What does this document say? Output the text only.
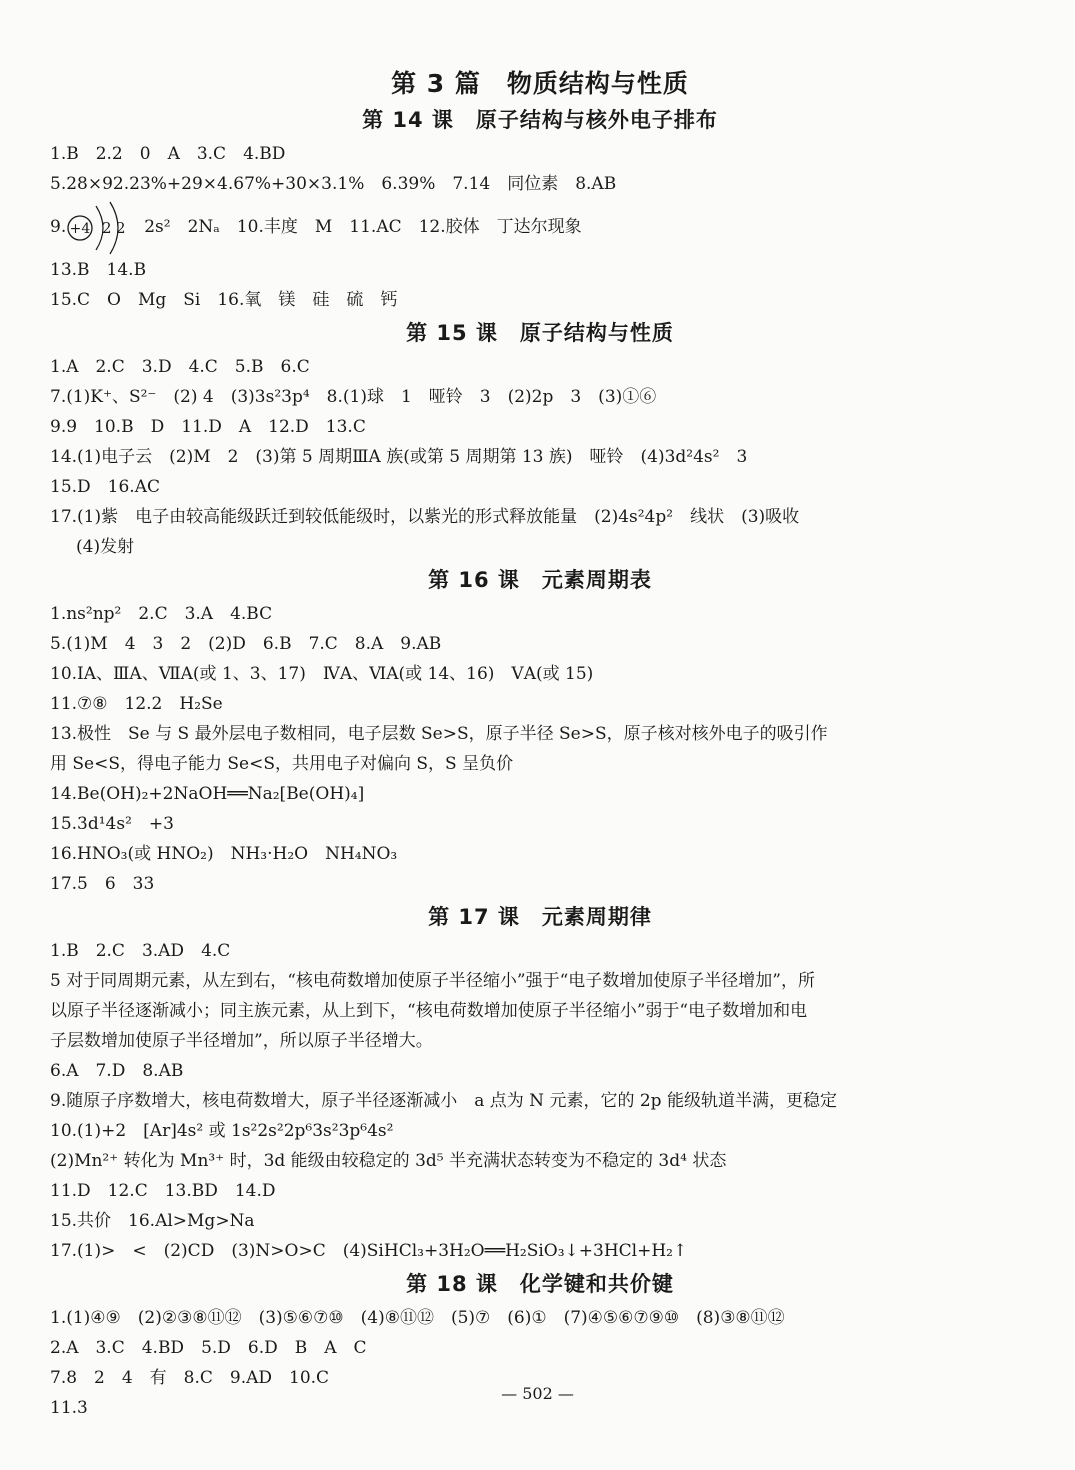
第 3 篇　物质结构与性质
第 14 课　原子结构与核外电子排布
1.B　2.2　0　A　3.C　4.BD
5.28×92.23%+29×4.67%+30×3.1%　6.39%　7.14　同位素　8.AB
9. +4 2 2 2s²　2Nₐ　10.丰度　M　11.AC　12.胶体　丁达尔现象
13.B　14.B
15.C　O　Mg　Si　16.氧　镁　硅　硫　钙
第 15 课　原子结构与性质
1.A　2.C　3.D　4.C　5.B　6.C
7.(1)K⁺、S²⁻　(2) 4　(3)3s²3p⁴　8.(1)球　1　哑铃　3　(2)2p　3　(3)①⑥
9.9　10.B　D　11.D　A　12.D　13.C
14.(1)电子云　(2)M　2　(3)第 5 周期ⅢA 族(或第 5 周期第 13 族)　哑铃　(4)3d²4s²　3
15.D　16.AC
17.(1)紫　电子由较高能级跃迁到较低能级时，以紫光的形式释放能量　(2)4s²4p²　线状　(3)吸收
(4)发射
第 16 课　元素周期表
1.ns²np²　2.C　3.A　4.BC
5.(1)M　4　3　2　(2)D　6.B　7.C　8.A　9.AB
10.ⅠA、ⅢA、ⅦA(或 1、3、17)　ⅣA、ⅥA(或 14、16)　ⅤA(或 15)
11.⑦⑧　12.2　H₂Se
13.极性　Se 与 S 最外层电子数相同，电子层数 Se>S，原子半径 Se>S，原子核对核外电子的吸引作
用 Se<S，得电子能力 Se<S，共用电子对偏向 S，S 呈负价
14.Be(OH)₂+2NaOH══Na₂[Be(OH)₄]
15.3d¹4s²　+3
16.HNO₃(或 HNO₂)　NH₃·H₂O　NH₄NO₃
17.5　6　33
第 17 课　元素周期律
1.B　2.C　3.AD　4.C
5 对于同周期元素，从左到右，“核电荷数增加使原子半径缩小”强于“电子数增加使原子半径增加”，所
以原子半径逐渐减小；同主族元素，从上到下，“核电荷数增加使原子半径缩小”弱于“电子数增加和电
子层数增加使原子半径增加”，所以原子半径增大。
6.A　7.D　8.AB
9.随原子序数增大，核电荷数增大，原子半径逐渐减小　a 点为 N 元素，它的 2p 能级轨道半满，更稳定
10.(1)+2　[Ar]4s² 或 1s²2s²2p⁶3s²3p⁶4s²
(2)Mn²⁺ 转化为 Mn³⁺ 时，3d 能级由较稳定的 3d⁵ 半充满状态转变为不稳定的 3d⁴ 状态
11.D　12.C　13.BD　14.D
15.共价　16.Al>Mg>Na
17.(1)>　<　(2)CD　(3)N>O>C　(4)SiHCl₃+3H₂O══H₂SiO₃↓+3HCl+H₂↑
第 18 课　化学键和共价键
1.(1)④⑨　(2)②③⑧⑪⑫　(3)⑤⑥⑦⑩　(4)⑧⑪⑫　(5)⑦　(6)①　(7)④⑤⑥⑦⑨⑩　(8)③⑧⑪⑫
2.A　3.C　4.BD　5.D　6.D　B　A　C
7.8　2　4　有　8.C　9.AD　10.C
11.3
— 502 —
